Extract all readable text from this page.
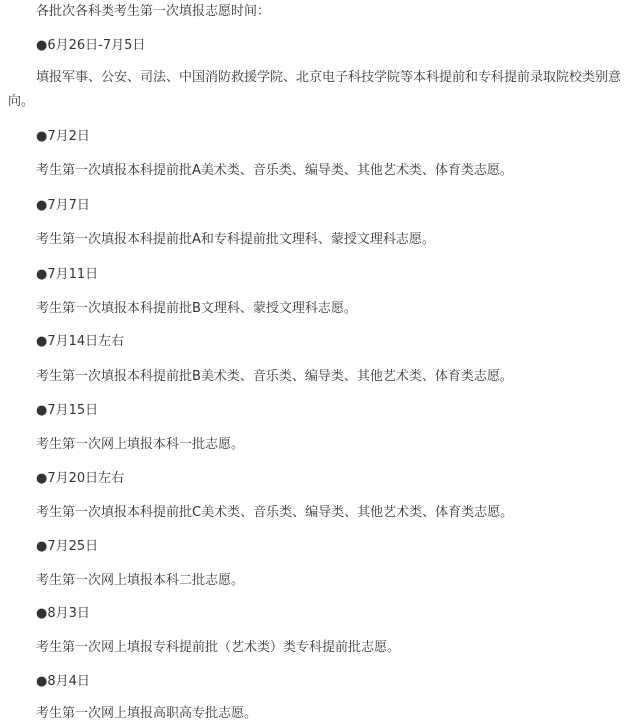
各批次各科类考生第一次填报志愿时间：

●6月26日-7月5日

填报军事、公安、司法、中国消防救援学院、北京电子科技学院等本科提前和专科提前录取院校类别意向。

●7月2日

考生第一次填报本科提前批A美术类、音乐类、编导类、其他艺术类、体育类志愿。

●7月7日

考生第一次填报本科提前批A和专科提前批文理科、蒙授文理科志愿。

●7月11日

考生第一次填报本科提前批B文理科、蒙授文理科志愿。

●7月14日左右

考生第一次填报本科提前批B美术类、音乐类、编导类、其他艺术类、体育类志愿。

●7月15日

考生第一次网上填报本科一批志愿。

●7月20日左右

考生第一次填报本科提前批C美术类、音乐类、编导类、其他艺术类、体育类志愿。

●7月25日

考生第一次网上填报本科二批志愿。

●8月3日

考生第一次网上填报专科提前批（艺术类）类专科提前批志愿。

●8月4日

考生第一次网上填报高职高专批志愿。
